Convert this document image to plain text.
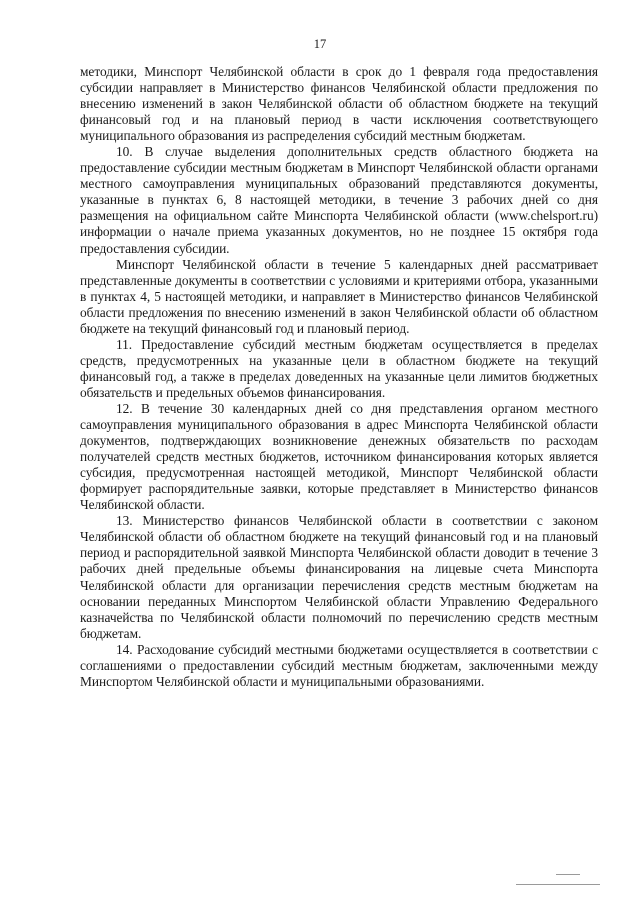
17

методики, Минспорт Челябинской области в срок до 1 февраля года предоставления субсидии направляет в Министерство финансов Челябинской области предложения по внесению изменений в закон Челябинской области об областном бюджете на текущий финансовый год и на плановый период в части исключения соответствующего муниципального образования из распределения субсидий местным бюджетам.

10. В случае выделения дополнительных средств областного бюджета на предоставление субсидии местным бюджетам в Минспорт Челябинской области органами местного самоуправления муниципальных образований представляются документы, указанные в пунктах 6, 8 настоящей методики, в течение 3 рабочих дней со дня размещения на официальном сайте Минспорта Челябинской области (www.chelsport.ru) информации о начале приема указанных документов, но не позднее 15 октября года предоставления субсидии.

Минспорт Челябинской области в течение 5 календарных дней рассматривает представленные документы в соответствии с условиями и критериями отбора, указанными в пунктах 4, 5 настоящей методики, и направляет в Министерство финансов Челябинской области предложения по внесению изменений в закон Челябинской области об областном бюджете на текущий финансовый год и плановый период.

11. Предоставление субсидий местным бюджетам осуществляется в пределах средств, предусмотренных на указанные цели в областном бюджете на текущий финансовый год, а также в пределах доведенных на указанные цели лимитов бюджетных обязательств и предельных объемов финансирования.

12. В течение 30 календарных дней со дня представления органом местного самоуправления муниципального образования в адрес Минспорта Челябинской области документов, подтверждающих возникновение денежных обязательств по расходам получателей средств местных бюджетов, источником финансирования которых является субсидия, предусмотренная настоящей методикой, Минспорт Челябинской области формирует распорядительные заявки, которые представляет в Министерство финансов Челябинской области.

13. Министерство финансов Челябинской области в соответствии с законом Челябинской области об областном бюджете на текущий финансовый год и на плановый период и распорядительной заявкой Минспорта Челябинской области доводит в течение 3 рабочих дней предельные объемы финансирования на лицевые счета Минспорта Челябинской области для организации перечисления средств местным бюджетам на основании переданных Минспортом Челябинской области Управлению Федерального казначейства по Челябинской области полномочий по перечислению средств местным бюджетам.

14. Расходование субсидий местными бюджетами осуществляется в соответствии с соглашениями о предоставлении субсидий местным бюджетам, заключенными между Минспортом Челябинской области и муниципальными образованиями.
